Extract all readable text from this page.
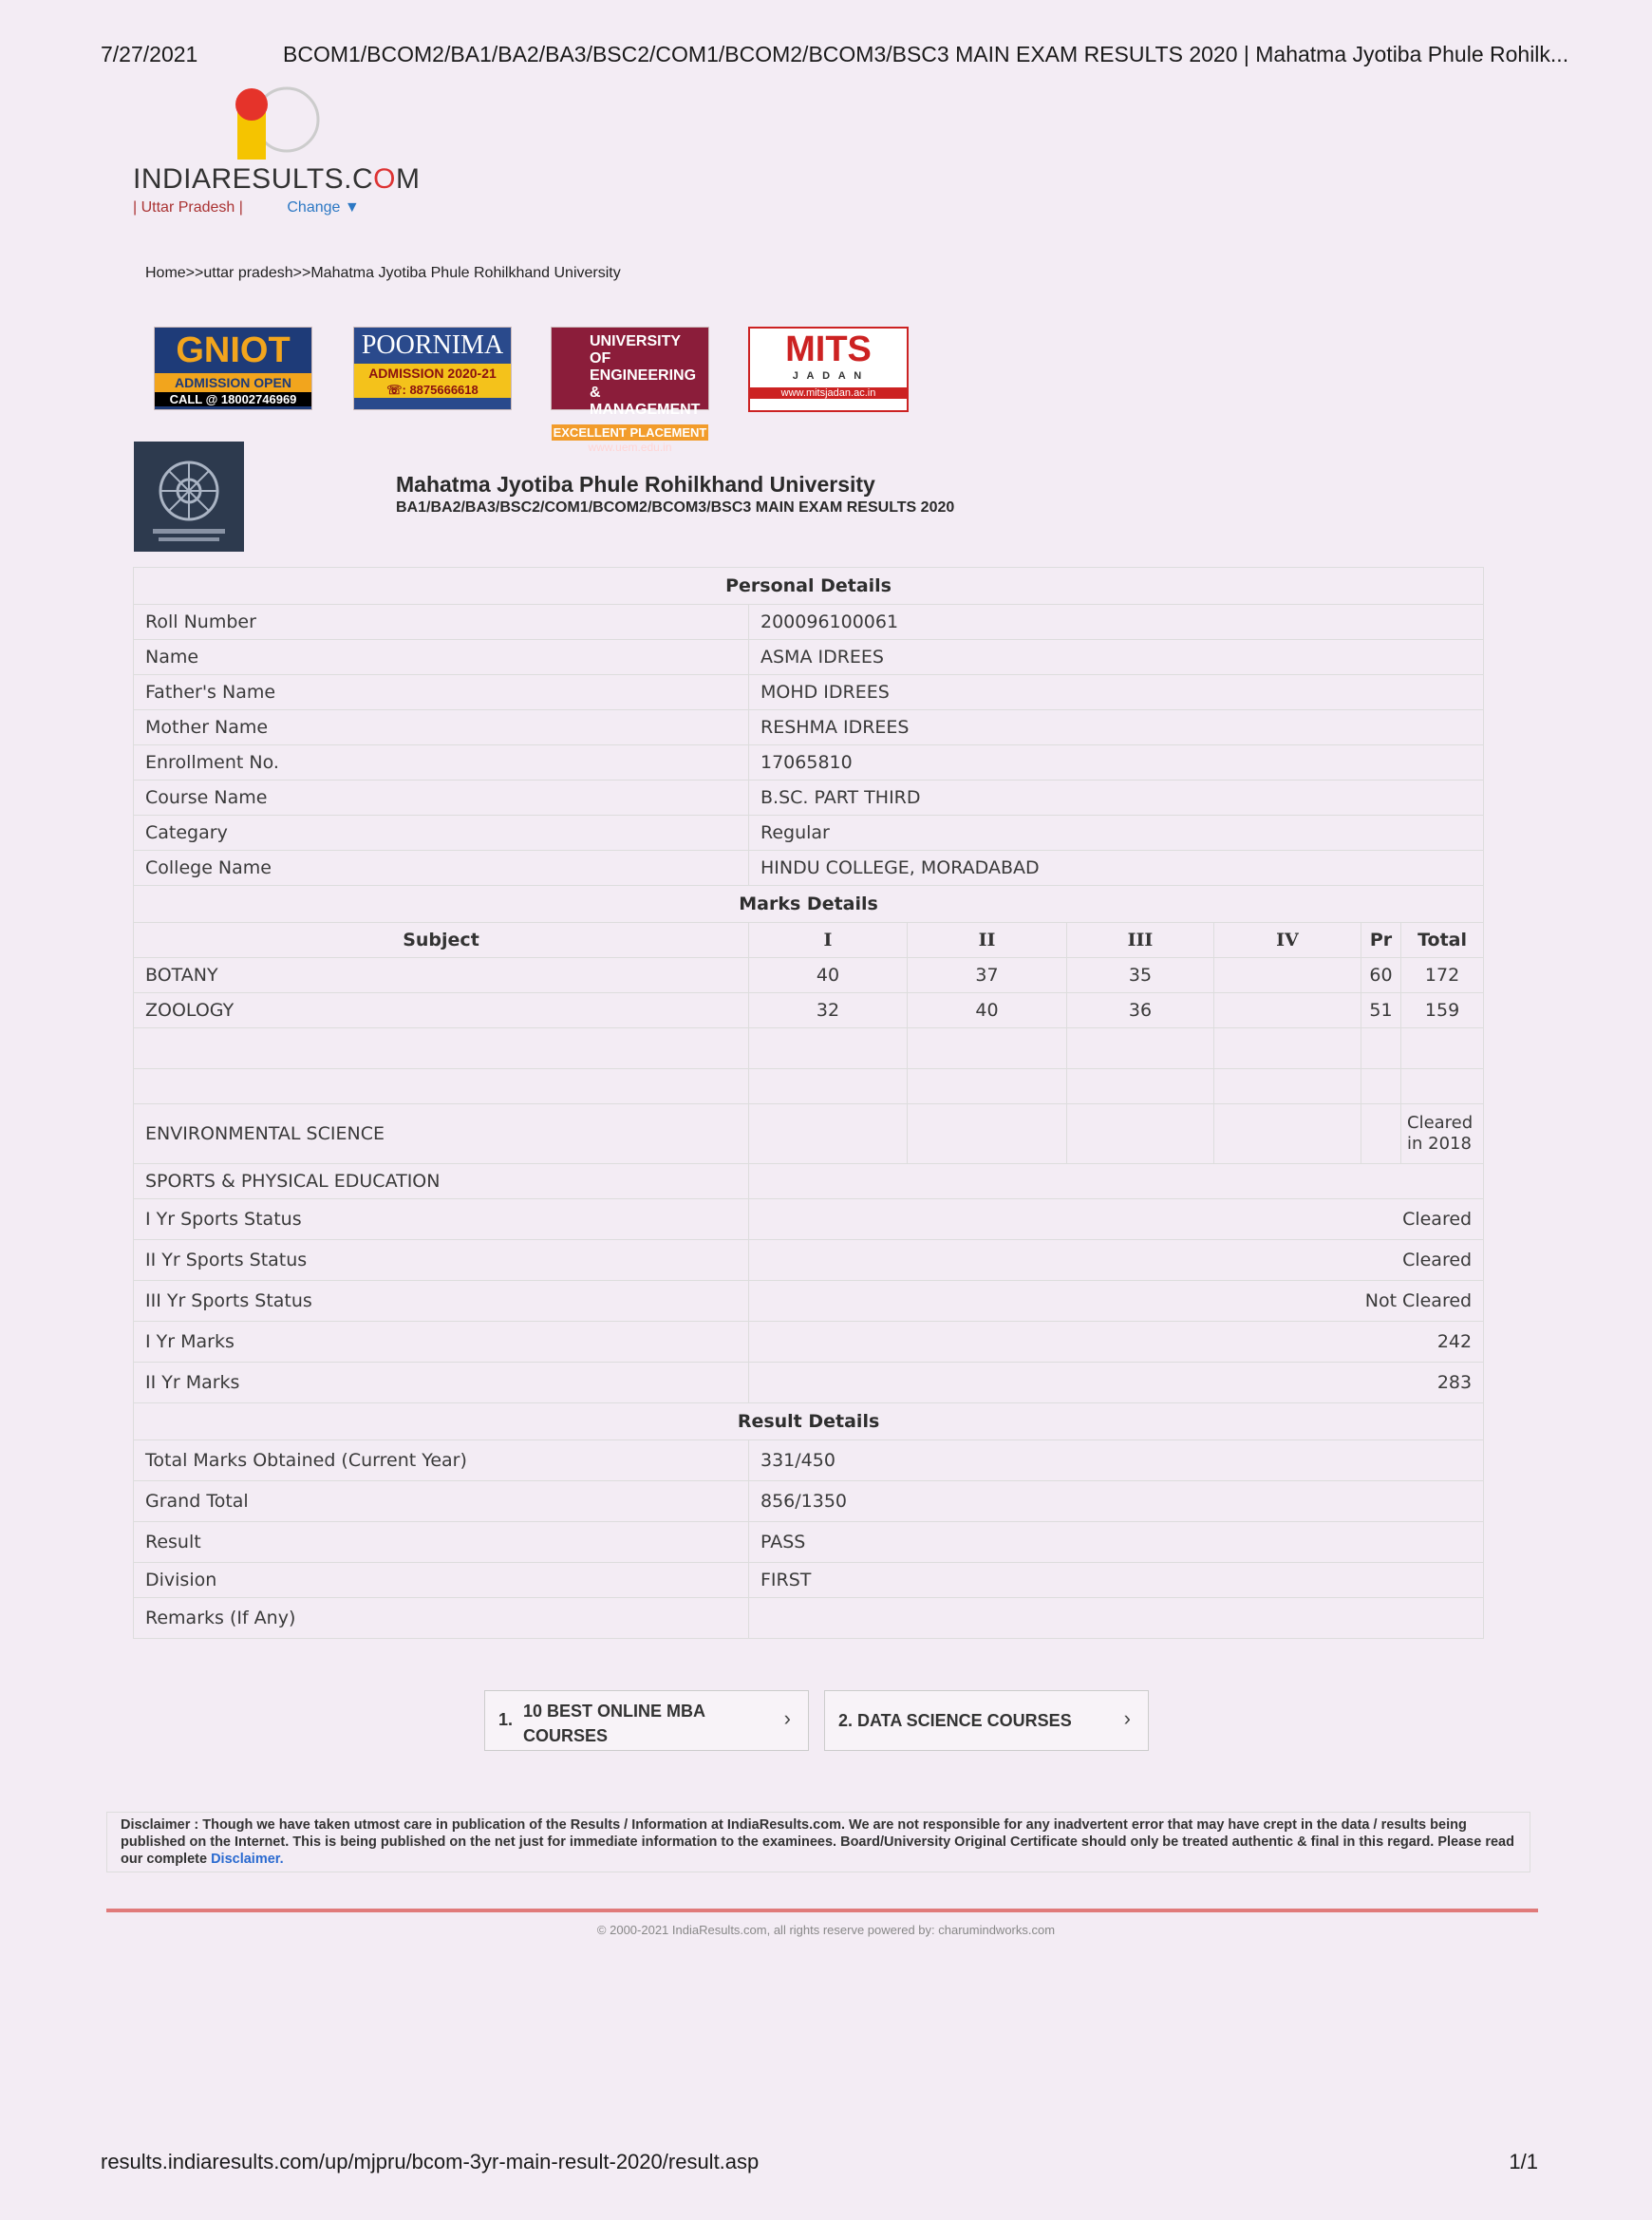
7/27/2021	BCOM1/BCOM2/BA1/BA2/BA3/BSC2/COM1/BCOM2/BCOM3/BSC3 MAIN EXAM RESULTS 2020 | Mahatma Jyotiba Phule Rohilk...
INDIARESULTS.COM
| Uttar Pradesh |	Change ▼
Home>>uttar pradesh>>Mahatma Jyotiba Phule Rohilkhand University
GNIOT
ADMISSION OPEN
CALL @ 18002746969
POORNIMA
ADMISSION 2020-21
☏: 8875666618
UNIVERSITY OF ENGINEERING & MANAGEMENT
EXCELLENT PLACEMENT
www.uem.edu.in
MITS
J A D A N
www.mitsjadan.ac.in
Mahatma Jyotiba Phule Rohilkhand University
BA1/BA2/BA3/BSC2/COM1/BCOM2/BCOM3/BSC3 MAIN EXAM RESULTS 2020
Personal Details						
Roll Number	200096100061					
Name	ASMA IDREES					
Father's Name	MOHD IDREES					
Mother Name	RESHMA IDREES					
Enrollment No.	17065810					
Course Name	B.SC. PART THIRD					
Categary	Regular					
College Name	HINDU COLLEGE, MORADABAD					
Marks Details						
Subject	I	II	III	IV	Pr	Total
BOTANY	40	37	35		60	172
ZOOLOGY	32	40	36		51	159

ENVIRONMENTAL SCIENCE						Cleared in 2018
SPORTS & PHYSICAL EDUCATION						
I Yr Sports Status	Cleared					
II Yr Sports Status	Cleared					
III Yr Sports Status	Not Cleared					
I Yr Marks	242					
II Yr Marks	283					
Result Details						
Total Marks Obtained (Current Year)	331/450					
Grand Total	856/1350					
Result	PASS					
Division	FIRST					
Remarks (If Any)						
1. 10 BEST ONLINE MBA COURSES
›	2. DATA SCIENCE COURSES	›
Disclaimer : Though we have taken utmost care in publication of the Results / Information at IndiaResults.com. We are not responsible for any inadvertent error that may have crept in the data / results being published on the Internet. This is being published on the net just for immediate information to the examinees. Board/University Original Certificate should only be treated authentic & final in this regard. Please read our complete Disclaimer.
© 2000-2021 IndiaResults.com, all rights reserve powered by: charumindworks.com
results.indiaresults.com/up/mjpru/bcom-3yr-main-result-2020/result.asp	1/1
